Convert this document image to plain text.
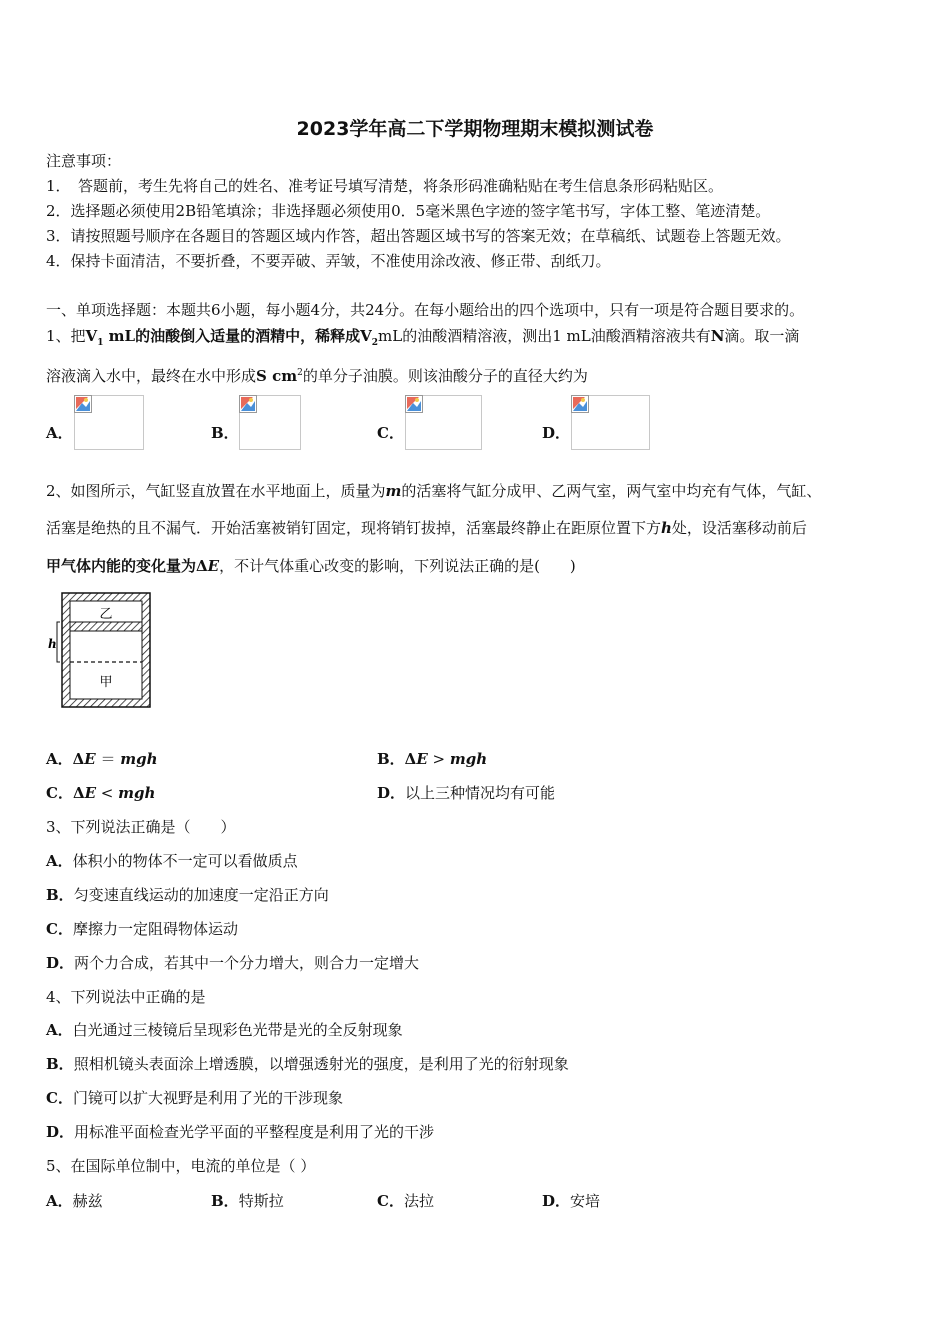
2023学年高二下学期物理期末模拟测试卷
注意事项：
1．　答题前，考生先将自己的姓名、准考证号填写清楚，将条形码准确粘贴在考生信息条形码粘贴区。
2．选择题必须使用2B铅笔填涂；非选择题必须使用0．5毫米黑色字迹的签字笔书写，字体工整、笔迹清楚。
3．请按照题号顺序在各题目的答题区域内作答，超出答题区域书写的答案无效；在草稿纸、试题卷上答题无效。
4．保持卡面清洁，不要折叠，不要弄破、弄皱，不准使用涂改液、修正带、刮纸刀。
一、单项选择题：本题共6小题，每小题4分，共24分。在每小题给出的四个选项中，只有一项是符合题目要求的。
1、把$V_1$ mL的油酸倒入适量的酒精中，稀释成$V_2mL$的油酸酒精溶液，测出1 mL油酸酒精溶液共有N滴。取一滴
溶液滴入水中，最终在水中形成S $cm^2$的单分子油膜。则该油酸分子的直径大约为
A．	B．	C．	D．
2、如图所示，气缸竖直放置在水平地面上，质量为m的活塞将气缸分成甲、乙两气室，两气室中均充有气体，气缸、
活塞是绝热的且不漏气．开始活塞被销钉固定，现将销钉拔掉，活塞最终静止在距原位置下方h处，设活塞移动前后
甲气体内能的变化量为ΔE，不计气体重心改变的影响，下列说法正确的是(　　)
乙
甲
h
A．ΔE ＝ mgh	B．ΔE > mgh
C．ΔE < mgh	D．以上三种情况均有可能
3、下列说法正确是（　　）
A．体积小的物体不一定可以看做质点
B．匀变速直线运动的加速度一定沿正方向
C．摩擦力一定阻碍物体运动
D．两个力合成，若其中一个分力增大，则合力一定增大
4、下列说法中正确的是
A．白光通过三棱镜后呈现彩色光带是光的全反射现象
B．照相机镜头表面涂上增透膜，以增强透射光的强度，是利用了光的衍射现象
C．门镜可以扩大视野是利用了光的干涉现象
D．用标准平面检查光学平面的平整程度是利用了光的干涉
5、在国际单位制中，电流的单位是（ ）
A．赫兹	B．特斯拉	C．法拉	D．安培
